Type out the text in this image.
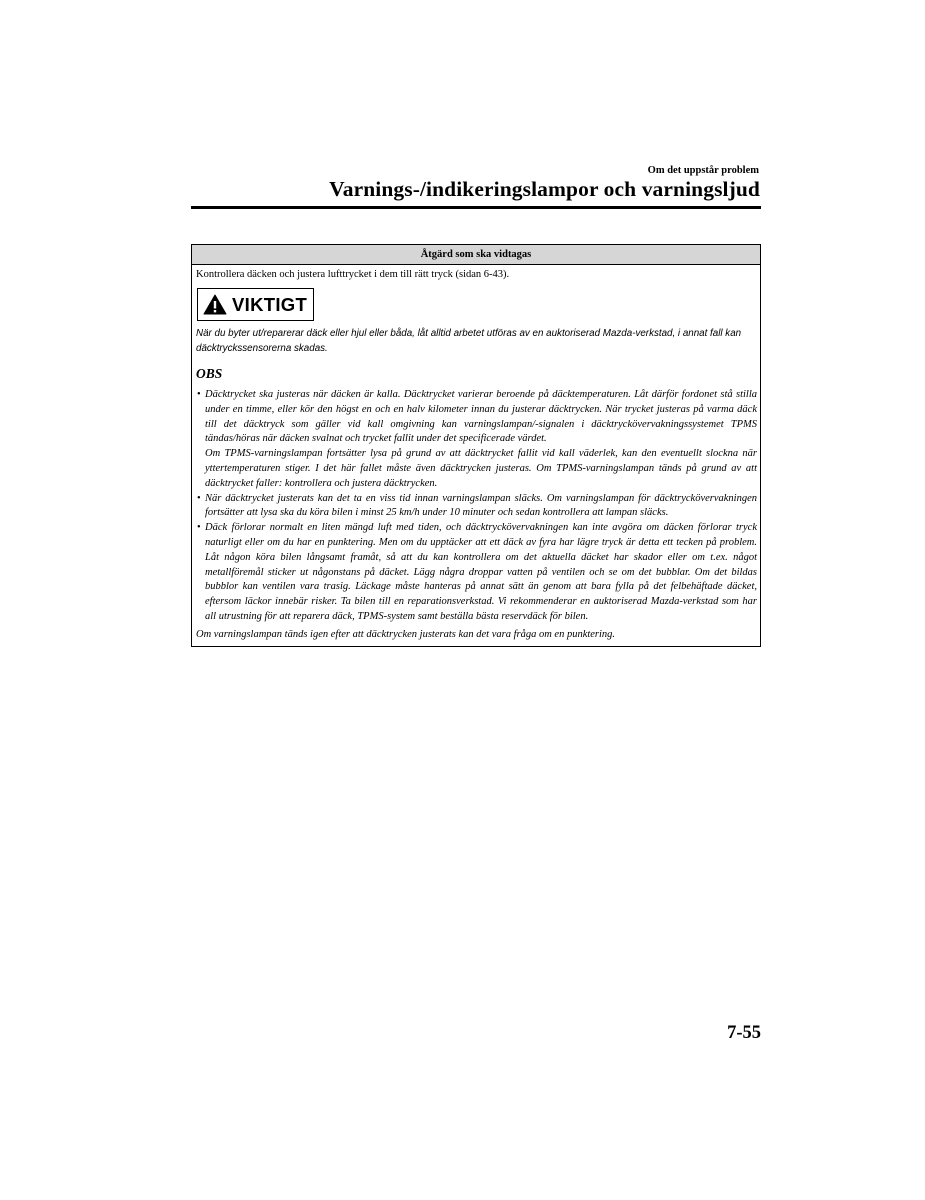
Om det uppstår problem
Varnings-/indikeringslampor och varningsljud
Åtgärd som ska vidtagas
Kontrollera däcken och justera lufttrycket i dem till rätt tryck (sidan 6-43).
VIKTIGT
När du byter ut/reparerar däck eller hjul eller båda, låt alltid arbetet utföras av en auktoriserad Mazda-verkstad, i annat fall kan däcktryckssensorerna skadas.
OBS
• Däcktrycket ska justeras när däcken är kalla. Däcktrycket varierar beroende på däcktemperaturen. Låt därför fordonet stå stilla under en timme, eller kör den högst en och en halv kilometer innan du justerar däcktrycken. När trycket justeras på varma däck till det däcktryck som gäller vid kall omgivning kan varningslampan/-signalen i däcktryckövervakningssystemet TPMS tändas/höras när däcken svalnat och trycket fallit under det specificerade värdet.
Om TPMS-varningslampan fortsätter lysa på grund av att däcktrycket fallit vid kall väderlek, kan den eventuellt slockna när yttertemperaturen stiger. I det här fallet måste även däcktrycken justeras. Om TPMS-varningslampan tänds på grund av att däcktrycket faller: kontrollera och justera däcktrycken.
• När däcktrycket justerats kan det ta en viss tid innan varningslampan släcks. Om varningslampan för däcktryckövervakningen fortsätter att lysa ska du köra bilen i minst 25 km/h under 10 minuter och sedan kontrollera att lampan släcks.
• Däck förlorar normalt en liten mängd luft med tiden, och däcktryckövervakningen kan inte avgöra om däcken förlorar tryck naturligt eller om du har en punktering. Men om du upptäcker att ett däck av fyra har lägre tryck är detta ett tecken på problem. Låt någon köra bilen långsamt framåt, så att du kan kontrollera om det aktuella däcket har skador eller om t.ex. något metallföremål sticker ut någonstans på däcket. Lägg några droppar vatten på ventilen och se om det bubblar. Om det bildas bubblor kan ventilen vara trasig. Läckage måste hanteras på annat sätt än genom att bara fylla på det felbehäftade däcket, eftersom läckor innebär risker. Ta bilen till en reparationsverkstad. Vi rekommenderar en auktoriserad Mazda-verkstad som har all utrustning för att reparera däck, TPMS-system samt beställa bästa reservdäck för bilen.
Om varningslampan tänds igen efter att däcktrycken justerats kan det vara fråga om en punktering.
7-55
